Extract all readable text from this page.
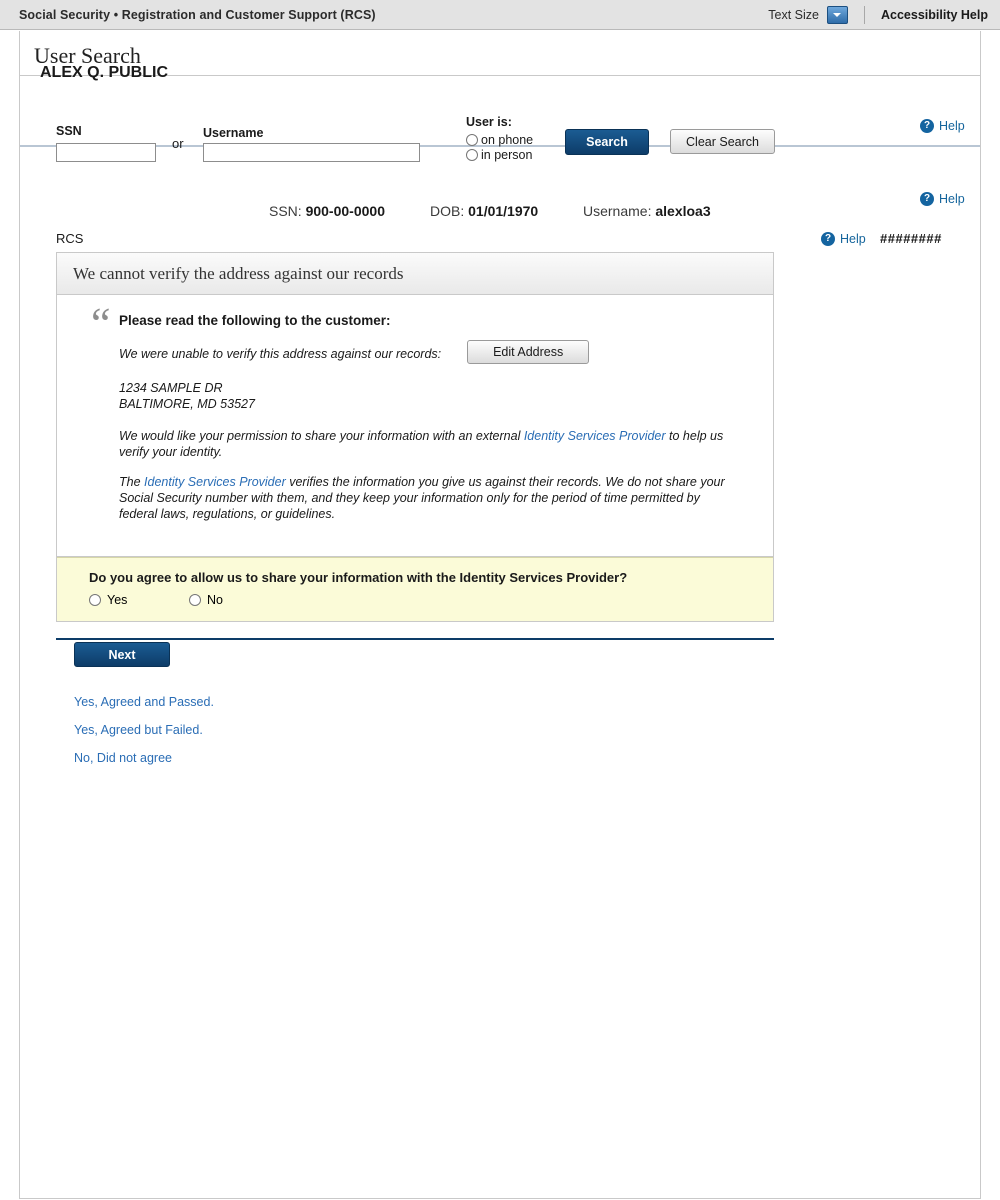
Social Security • Registration and Customer Support (RCS)	Text Size	Accessibility Help
User Search
SSN
or
Username
User is:
on phone
in person
Search	Clear Search
? Help
ALEX Q. PUBLIC
SSN: 900-00-0000	DOB: 01/01/1970	Username: alexloa3
? Help
RCS	? Help ########
We cannot verify the address against our records
“ Please read the following to the customer:
We were unable to verify this address against our records:	Edit Address
1234 SAMPLE DR
BALTIMORE, MD 53527
We would like your permission to share your information with an external Identity Services Provider to help us verify your identity.
The Identity Services Provider verifies the information you give us against their records. We do not share your Social Security number with them, and they keep your information only for the period of time permitted by federal laws, regulations, or guidelines.
Do you agree to allow us to share your information with the Identity Services Provider?
Yes	No
Next
Yes, Agreed and Passed.
Yes, Agreed but Failed.
No, Did not agree
